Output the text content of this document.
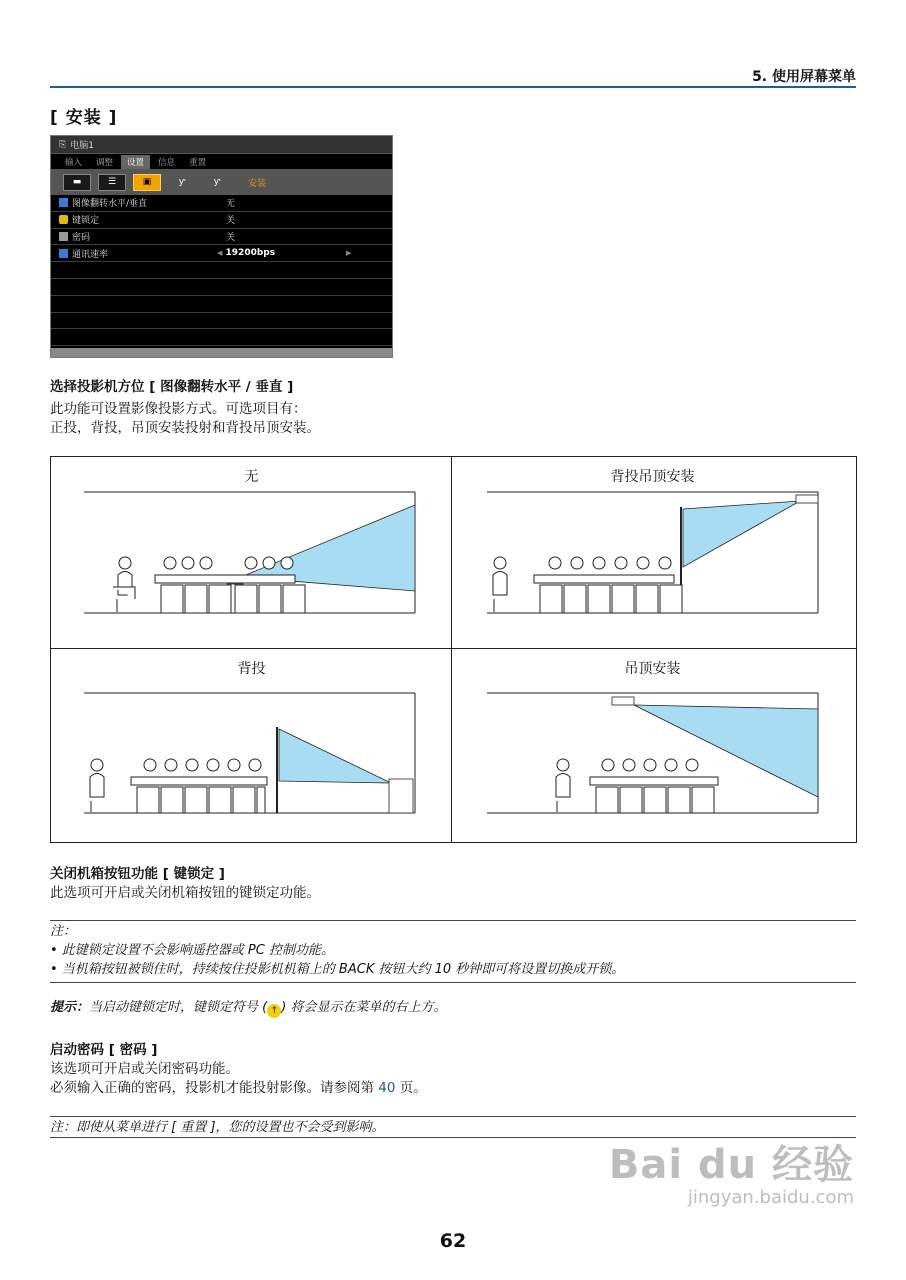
5. 使用屏幕菜单
[ 安装 ]
⎘ 电脑1
输入	调整	设置	信息	重置
▬	☰	▣	ƴ	ƴ	安装
图像翻转水平/垂直	无
键锁定	关
密码	关
通讯速率	◀ 19200bps	▶
选择投影机方位 [ 图像翻转水平 / 垂直 ]
此功能可设置影像投影方式。可选项目有：
正投，背投，吊顶安装投射和背投吊顶安装。
无	背投吊顶安装
背投	吊顶安装
关闭机箱按钮功能 [ 键锁定 ]
此选项可开启或关闭机箱按钮的键锁定功能。
注：
• 此键锁定设置不会影响遥控器或 PC 控制功能。
• 当机箱按钮被锁住时，持续按住投影机机箱上的 BACK 按钮大约 10 秒钟即可将设置切换成开锁。
提示：当启动键锁定时，键锁定符号 ( ↑ ) 将会显示在菜单的右上方。
启动密码 [ 密码 ]
该选项可开启或关闭密码功能。
必须输入正确的密码，投影机才能投射影像。请参阅第 40 页。
注：即使从菜单进行 [ 重置 ]，您的设置也不会受到影响。
Bai du 经验
jingyan.baidu.com
62
